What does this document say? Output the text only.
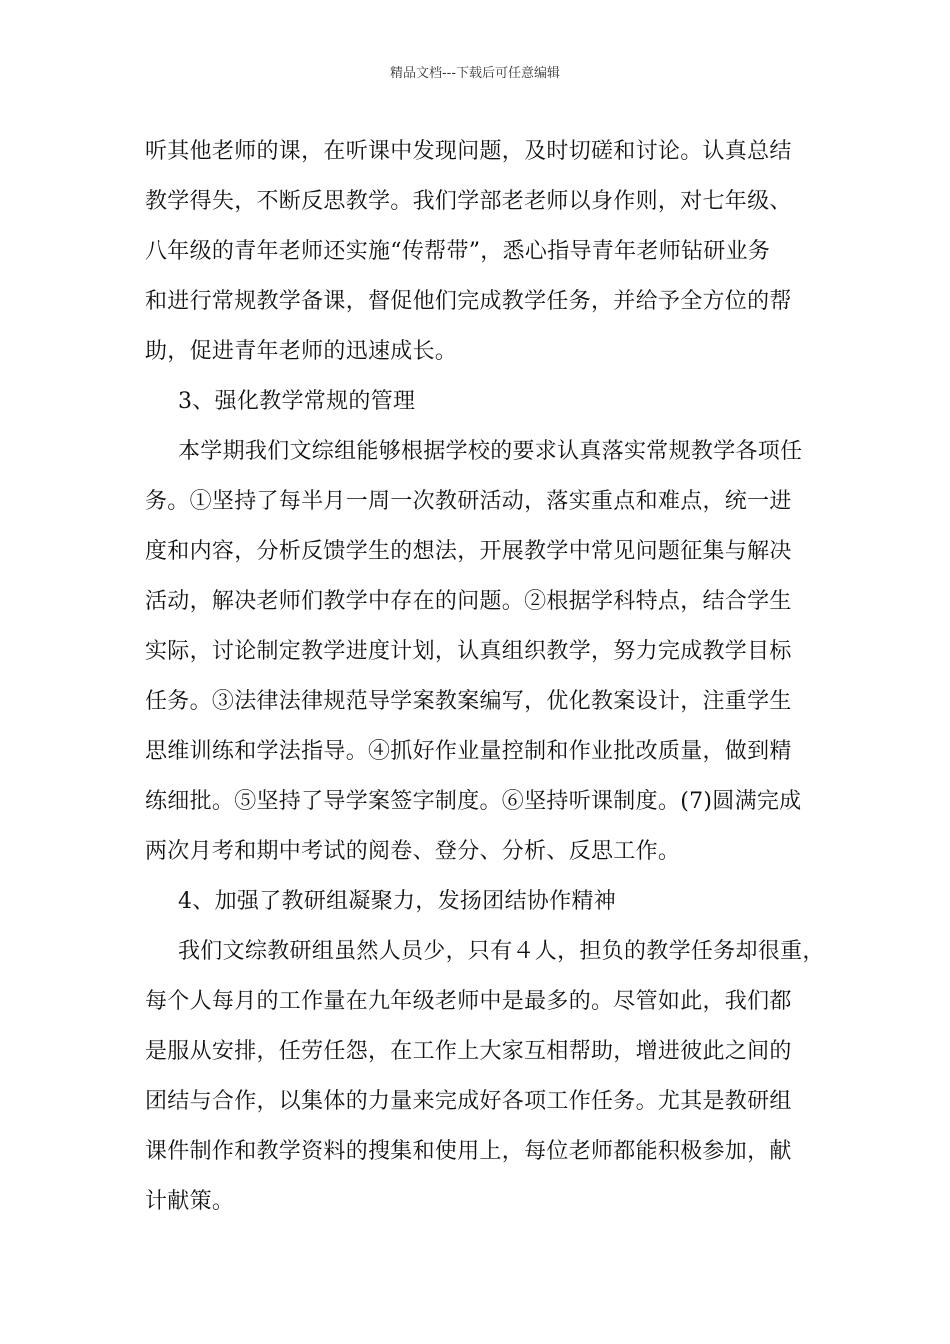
精品文档---下载后可任意编辑
听其他老师的课，在听课中发现问题，及时切磋和讨论。认真总结
教学得失，不断反思教学。我们学部老老师以身作则，对七年级、
八年级的青年老师还实施“传帮带”，悉心指导青年老师钻研业务
和进行常规教学备课，督促他们完成教学任务，并给予全方位的帮
助，促进青年老师的迅速成长。
3、强化教学常规的管理
本学期我们文综组能够根据学校的要求认真落实常规教学各项任
务。①坚持了每半月一周一次教研活动，落实重点和难点，统一进
度和内容，分析反馈学生的想法，开展教学中常见问题征集与解决
活动，解决老师们教学中存在的问题。②根据学科特点，结合学生
实际，讨论制定教学进度计划，认真组织教学，努力完成教学目标
任务。③法律法律规范导学案教案编写，优化教案设计，注重学生
思维训练和学法指导。④抓好作业量控制和作业批改质量，做到精
练细批。⑤坚持了导学案签字制度。⑥坚持听课制度。(7)圆满完成
两次月考和期中考试的阅卷、登分、分析、反思工作。
4、加强了教研组凝聚力，发扬团结协作精神
我们文综教研组虽然人员少，只有４人，担负的教学任务却很重，
每个人每月的工作量在九年级老师中是最多的。尽管如此，我们都
是服从安排，任劳任怨，在工作上大家互相帮助，增进彼此之间的
团结与合作，以集体的力量来完成好各项工作任务。尤其是教研组
课件制作和教学资料的搜集和使用上，每位老师都能积极参加，献
计献策。
